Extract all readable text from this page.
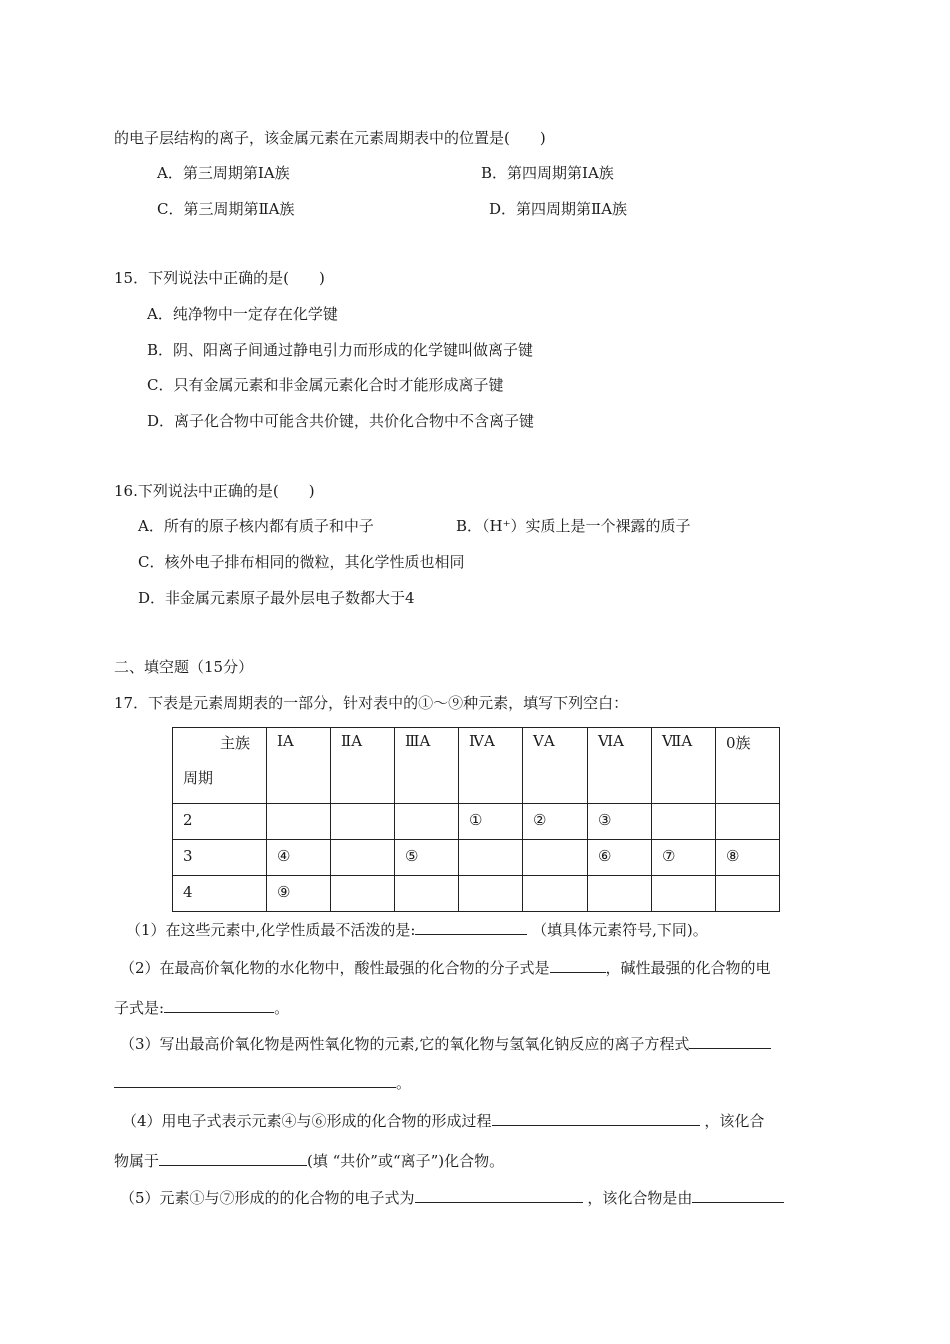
的电子层结构的离子，该金属元素在元素周期表中的位置是(　　)
A．第三周期第ⅠA族	B．第四周期第ⅠA族
C．第三周期第ⅡA族	D．第四周期第ⅡA族
15．下列说法中正确的是(　　)
A．纯净物中一定存在化学键
B．阴、阳离子间通过静电引力而形成的化学键叫做离子键
C．只有金属元素和非金属元素化合时才能形成离子键
D．离子化合物中可能含共价键，共价化合物中不含离子键
16.下列说法中正确的是(　　)
A．所有的原子核内都有质子和中子	B．（H⁺）实质上是一个裸露的质子
C．核外电子排布相同的微粒，其化学性质也相同
D．非金属元素原子最外层电子数都大于4
二、填空题（15分）
17．下表是元素周期表的一部分，针对表中的①～⑨种元素，填写下列空白：
主族
周期	ⅠA	ⅡA	ⅢA	ⅣA	ⅤA	ⅥA	ⅦA	0族
2				①	②	③		
3	④		⑤			⑥	⑦	⑧
4	⑨							
（1）在这些元素中,化学性质最不活泼的是:	（填具体元素符号,下同)。
（2）在最高价氧化物的水化物中，酸性最强的化合物的分子式是	，碱性最强的化合物的电
子式是:	。
（3）写出最高价氧化物是两性氧化物的元素,它的氧化物与氢氧化钠反应的离子方程式
。
（4）用电子式表示元素④与⑥形成的化合物的形成过程	，该化合
物属于	(填 “共价”或“离子”)化合物。
（5）元素①与⑦形成的的化合物的电子式为	，该化合物是由
